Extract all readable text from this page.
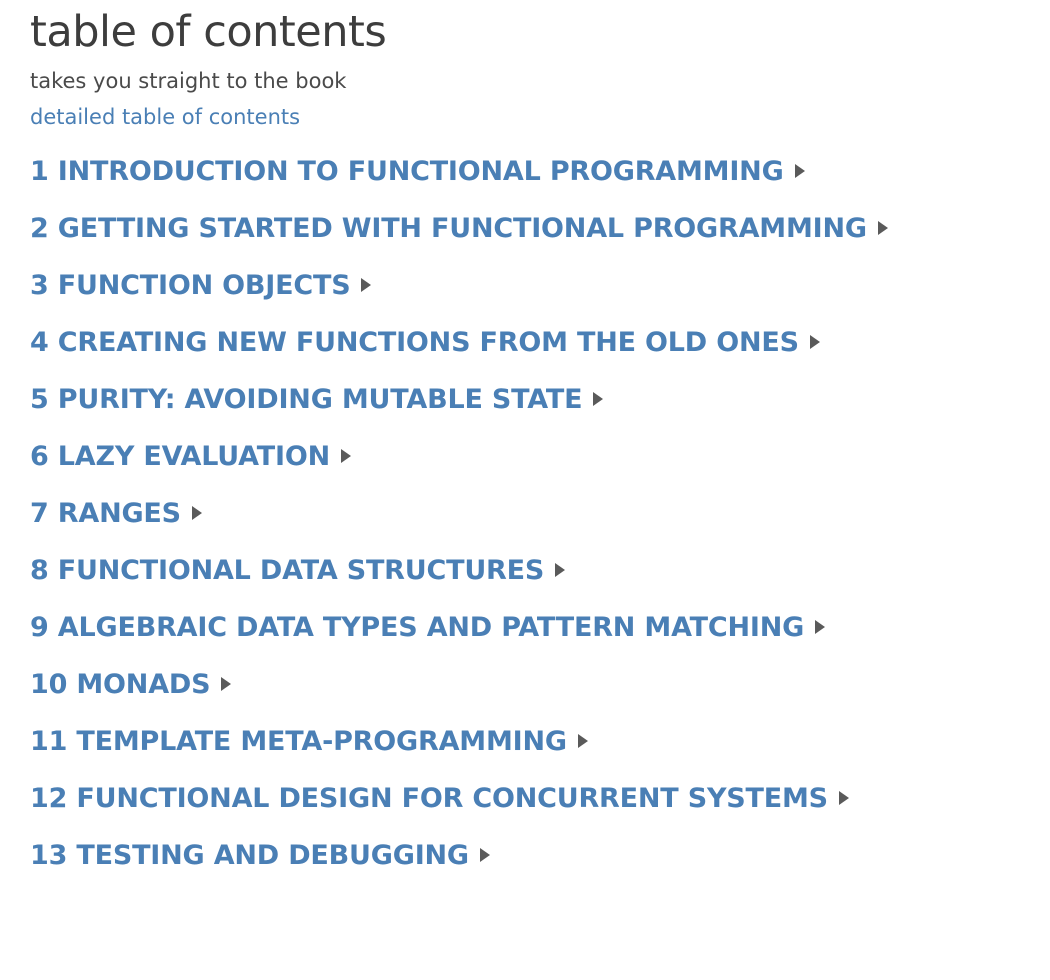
table of contents

takes you straight to the book

detailed table of contents
1 INTRODUCTION TO FUNCTIONAL PROGRAMMING
2 GETTING STARTED WITH FUNCTIONAL PROGRAMMING
3 FUNCTION OBJECTS
4 CREATING NEW FUNCTIONS FROM THE OLD ONES
5 PURITY: AVOIDING MUTABLE STATE
6 LAZY EVALUATION
7 RANGES
8 FUNCTIONAL DATA STRUCTURES
9 ALGEBRAIC DATA TYPES AND PATTERN MATCHING
10 MONADS
11 TEMPLATE META-PROGRAMMING
12 FUNCTIONAL DESIGN FOR CONCURRENT SYSTEMS
13 TESTING AND DEBUGGING
